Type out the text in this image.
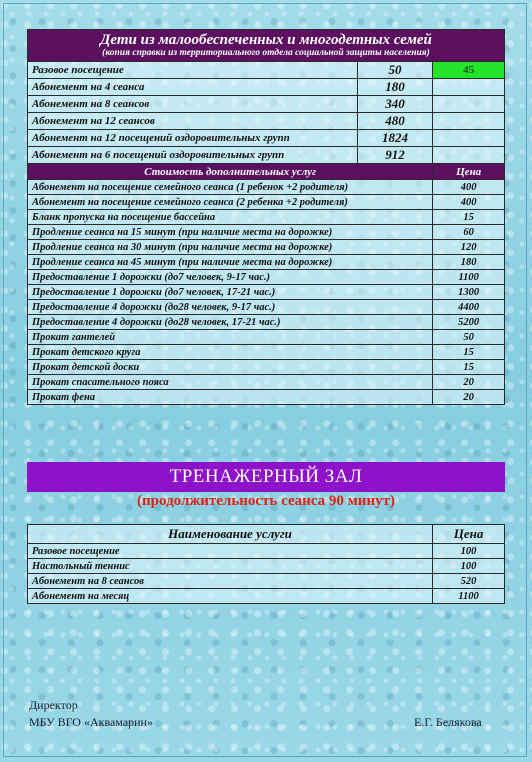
Дети из малообеспеченных и многодетных семей
(копия справки из территориального отдела социальной защиты населения)		

Разовое посещение	50	45
Абонемент на 4 сеанса	180	
Абонемент на 8 сеансов	340	
Абонемент на 12 сеансов	480	
Абонемент на 12 посещений оздоровительных групп	1824	
Абонемент на 6 посещений оздоровительных групп	912	
Стоимость дополнительных услуг		Цена
Абонемент на посещение семейного сеанса (1 ребенок +2 родителя)		400
Абонемент на посещение семейного сеанса (2 ребенка +2 родителя)		400
Бланк пропуска на посещение бассейна		15
Продление сеанса на 15 минут (при наличие места на дорожке)		60
Продление сеанса на 30 минут (при наличие места на дорожке)		120
Продление сеанса на 45 минут (при наличие места на дорожке)		180
Предоставление 1 дорожки (до7 человек, 9-17 час.)		1100
Предоставление 1 дорожки (до7 человек, 17-21 час.)		1300
Предоставление 4 дорожки (до28 человек, 9-17 час.)		4400
Предоставление 4 дорожки (до28 человек, 17-21 час.)		5200
Прокат гантелей		50
Прокат детского круга		15
Прокат детской доски		15
Прокат спасательного пояса		20
Прокат фена		20
ТРЕНАЖЕРНЫЙ ЗАЛ
(продолжительность сеанса 90 минут)
Наименование услуги	Цена
Разовое посещение	100
Настольный теннис	100
Абонемент на 8 сеансов	520
Абонемент на месяц	1100
Директор
МБУ ВГО «Аквамарин»	Е.Г. Белякова
